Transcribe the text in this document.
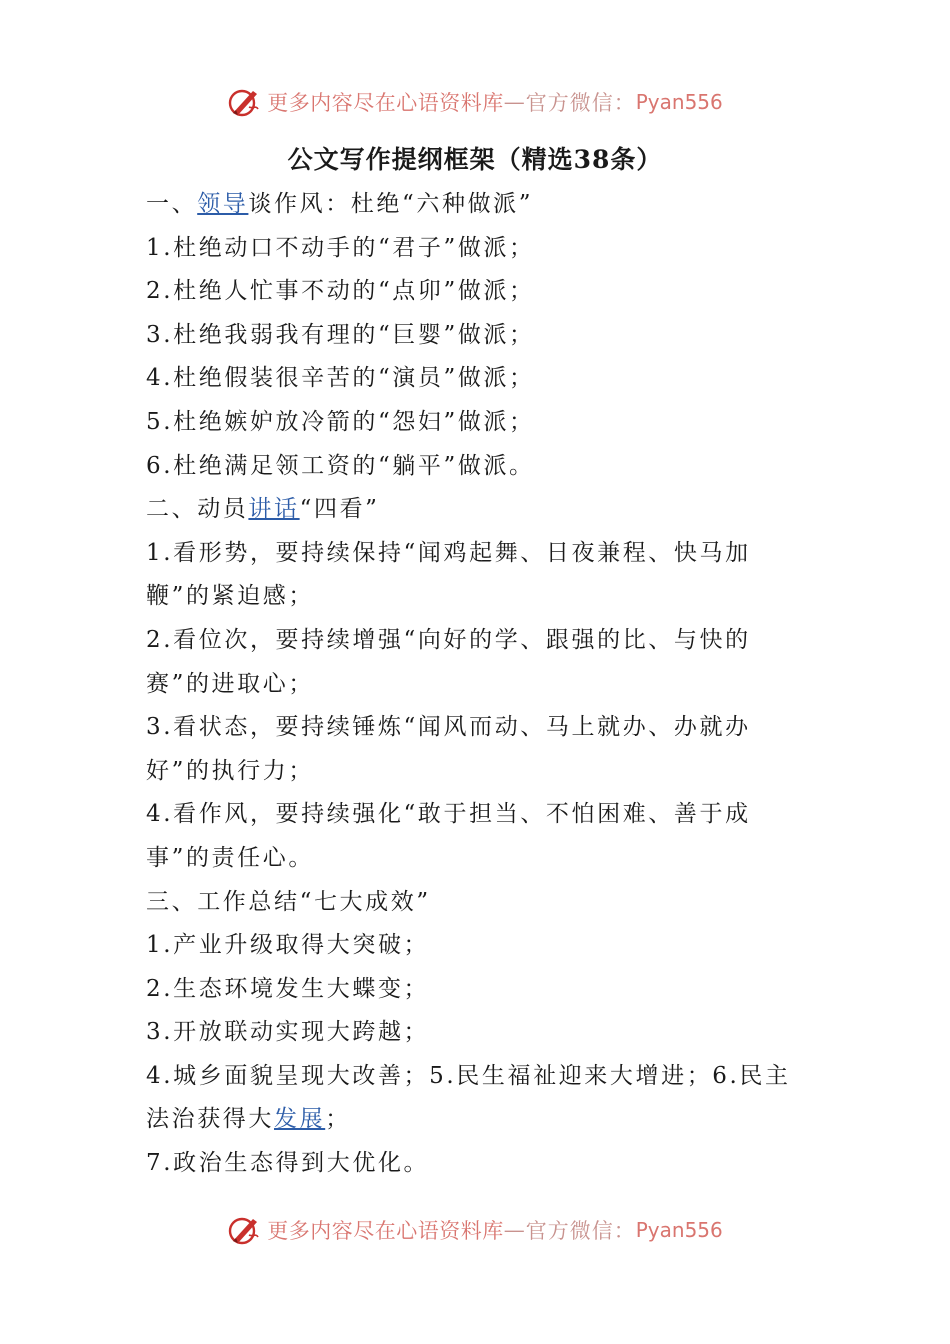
更多内容尽在心语资料库 — 官方微信： Pyan556
公文写作提纲框架（精选38条）

一、领导谈作风：杜绝“六种做派”

1.杜绝动口不动手的“君子”做派；

2.杜绝人忙事不动的“点卯”做派；

3.杜绝我弱我有理的“巨婴”做派；

4.杜绝假装很辛苦的“演员”做派；

5.杜绝嫉妒放冷箭的“怨妇”做派；

6.杜绝满足领工资的“躺平”做派。

二、动员讲话“四看”

1.看形势，要持续保持“闻鸡起舞、日夜兼程、快马加鞭”的紧迫感；

2.看位次，要持续增强“向好的学、跟强的比、与快的赛”的进取心；

3.看状态，要持续锤炼“闻风而动、马上就办、办就办好”的执行力；

4.看作风，要持续强化“敢于担当、不怕困难、善于成事”的责任心。

三、工作总结“七大成效”

1.产业升级取得大突破；

2.生态环境发生大蝶变；

3.开放联动实现大跨越；

4.城乡面貌呈现大改善；5.民生福祉迎来大增进；6.民主法治获得大发展；

7.政治生态得到大优化。

更多内容尽在心语资料库 — 官方微信： Pyan556
